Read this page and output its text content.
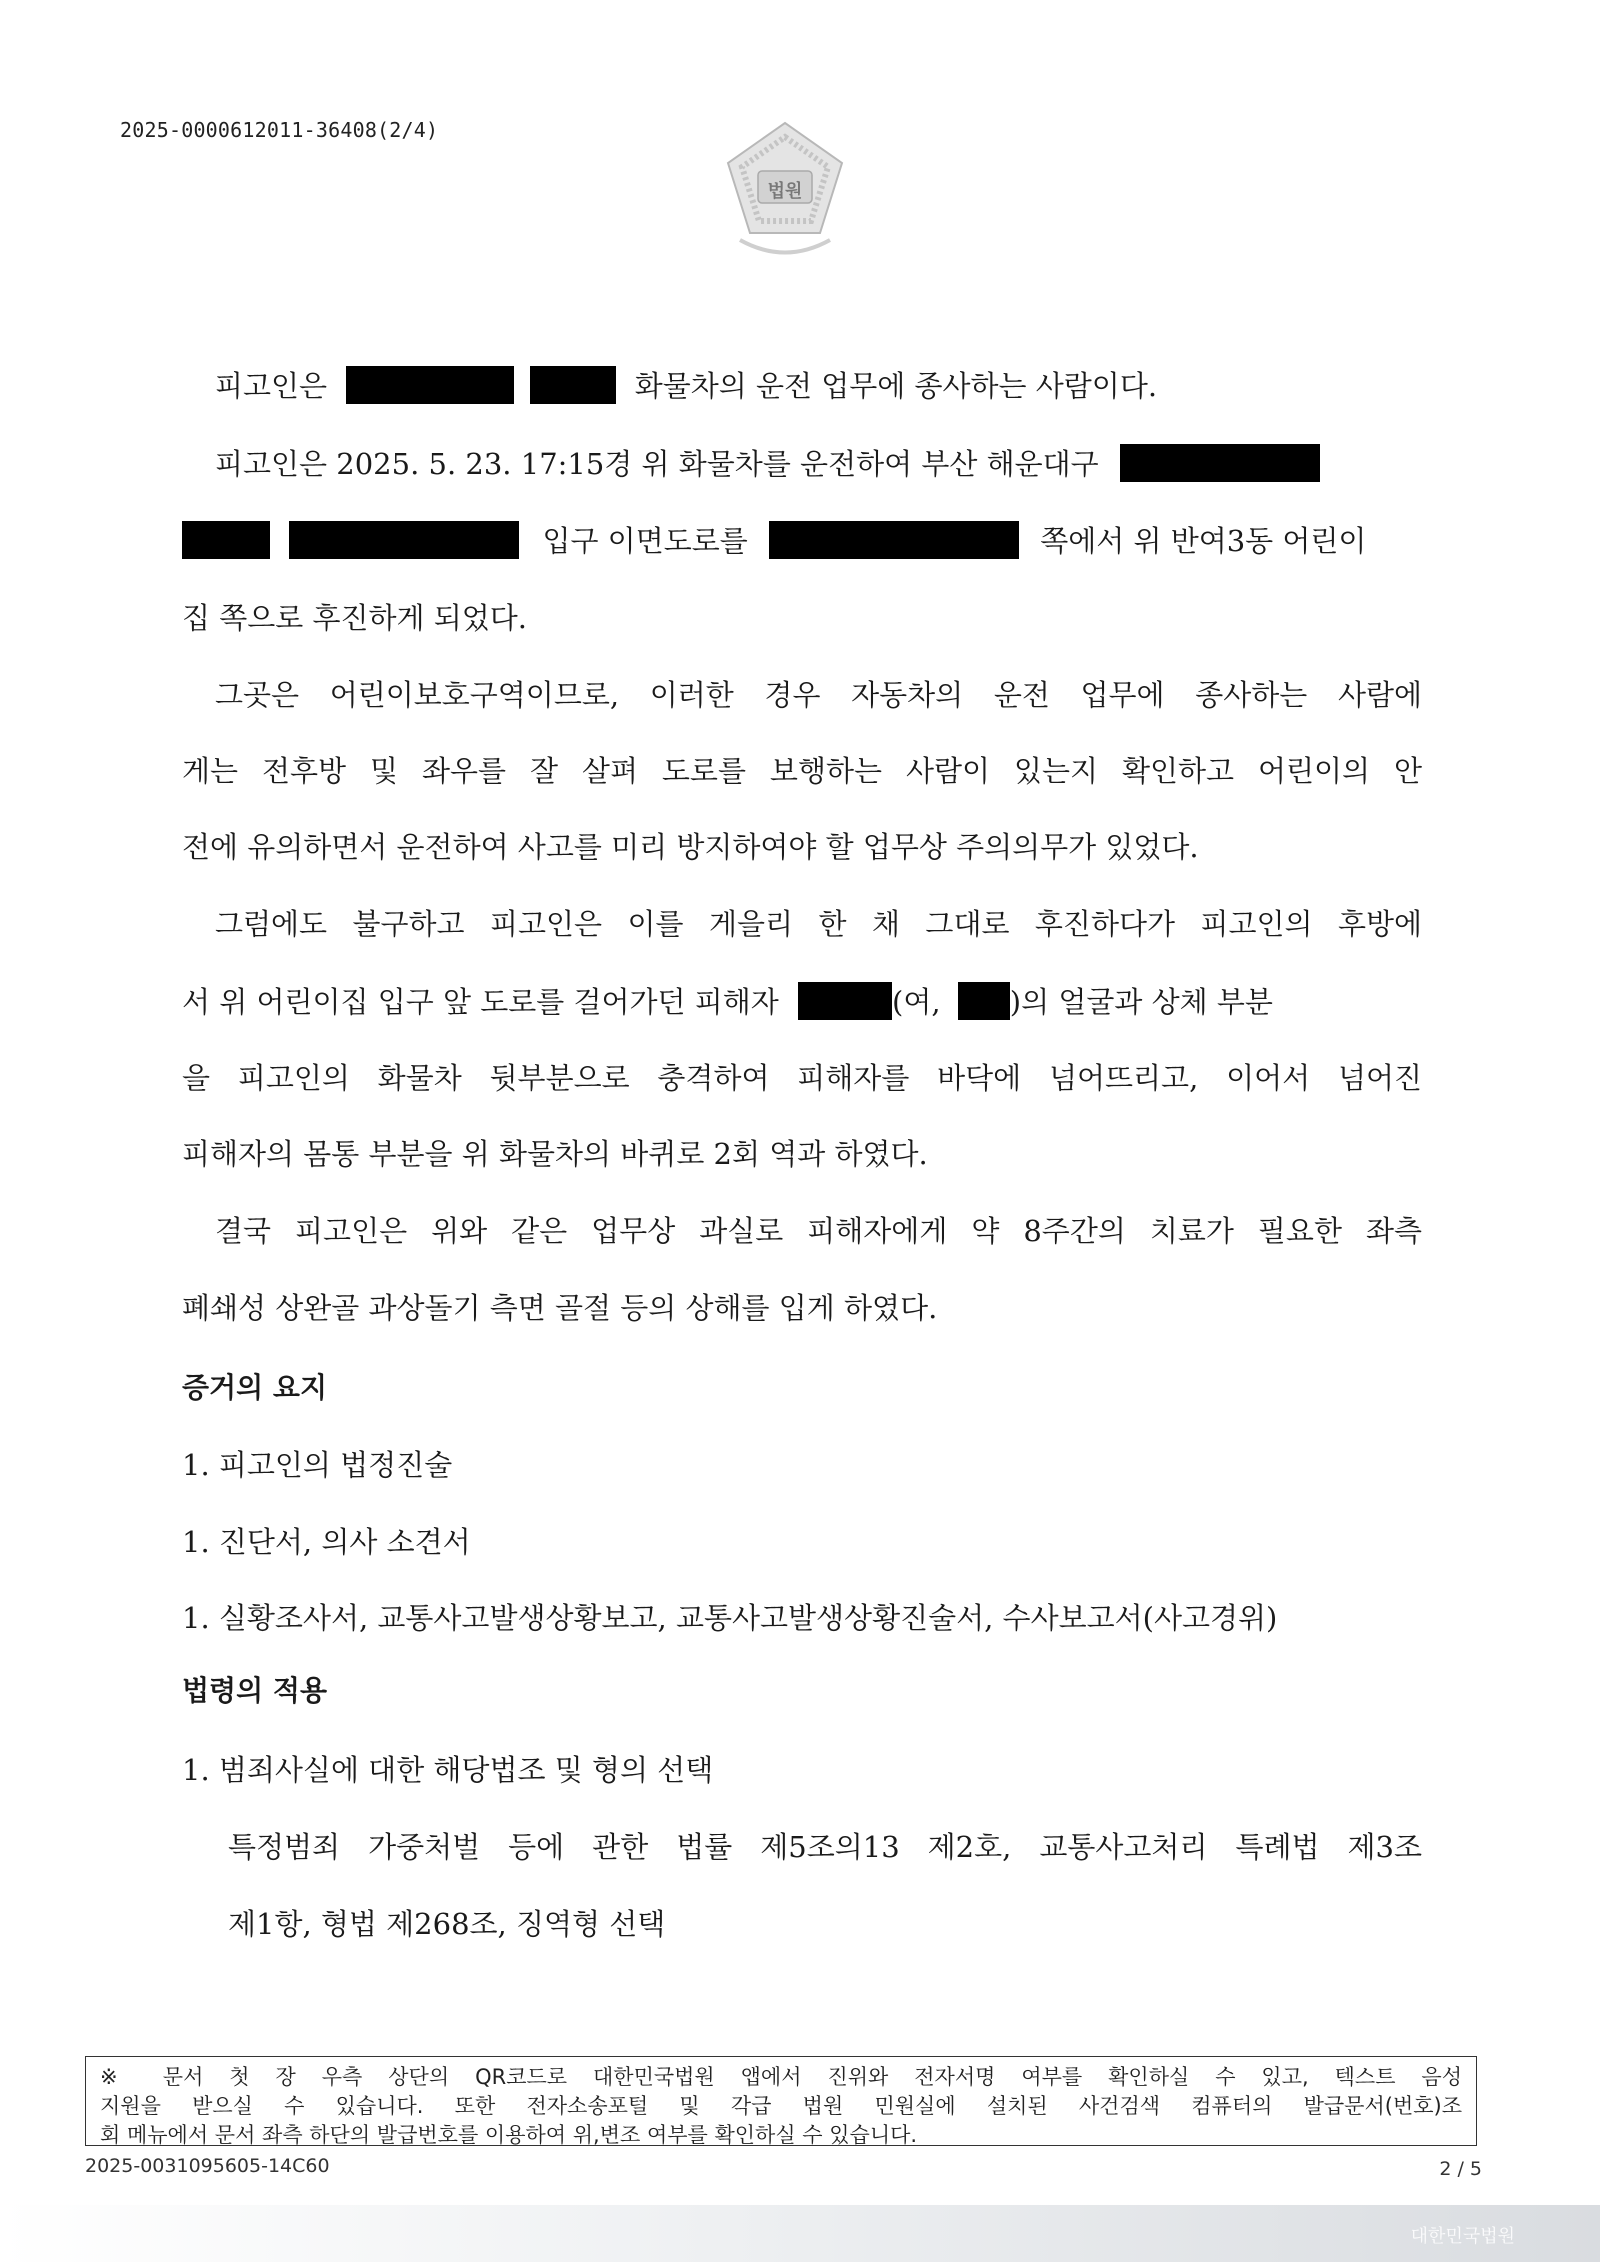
2025-0000612011-36408(2/4)
법원
피고인은	화물차의 운전 업무에 종사하는 사람이다.
피고인은 2025. 5. 23. 17:15경 위 화물차를 운전하여 부산 해운대구
입구 이면도로를	쪽에서 위 반여3동 어린이
집 쪽으로 후진하게 되었다.
그곳은 어린이보호구역이므로, 이러한 경우 자동차의 운전 업무에 종사하는 사람에
게는 전후방 및 좌우를 잘 살펴 도로를 보행하는 사람이 있는지 확인하고 어린이의 안
전에 유의하면서 운전하여 사고를 미리 방지하여야 할 업무상 주의의무가 있었다.
그럼에도 불구하고 피고인은 이를 게을리 한 채 그대로 후진하다가 피고인의 후방에
서 위 어린이집 입구 앞 도로를 걸어가던 피해자	(여, )의 얼굴과 상체 부분
을 피고인의 화물차 뒷부분으로 충격하여 피해자를 바닥에 넘어뜨리고, 이어서 넘어진
피해자의 몸통 부분을 위 화물차의 바퀴로 2회 역과 하였다.
결국 피고인은 위와 같은 업무상 과실로 피해자에게 약 8주간의 치료가 필요한 좌측
폐쇄성 상완골 과상돌기 측면 골절 등의 상해를 입게 하였다.
증거의 요지
1. 피고인의 법정진술
1. 진단서, 의사 소견서
1. 실황조사서, 교통사고발생상황보고, 교통사고발생상황진술서, 수사보고서(사고경위)
법령의 적용
1. 범죄사실에 대한 해당법조 및 형의 선택
특정범죄 가중처벌 등에 관한 법률 제5조의13 제2호, 교통사고처리 특례법 제3조
제1항, 형법 제268조, 징역형 선택
※ 문서 첫 장 우측 상단의 QR코드로 대한민국법원 앱에서 진위와 전자서명 여부를 확인하실 수 있고, 텍스트 음성
지원을 받으실 수 있습니다. 또한 전자소송포털 및 각급 법원 민원실에 설치된 사건검색 컴퓨터의 발급문서(번호)조
회 메뉴에서 문서 좌측 하단의 발급번호를 이용하여 위,변조 여부를 확인하실 수 있습니다.
2025-0031095605-14C60	2 / 5
대한민국법원
